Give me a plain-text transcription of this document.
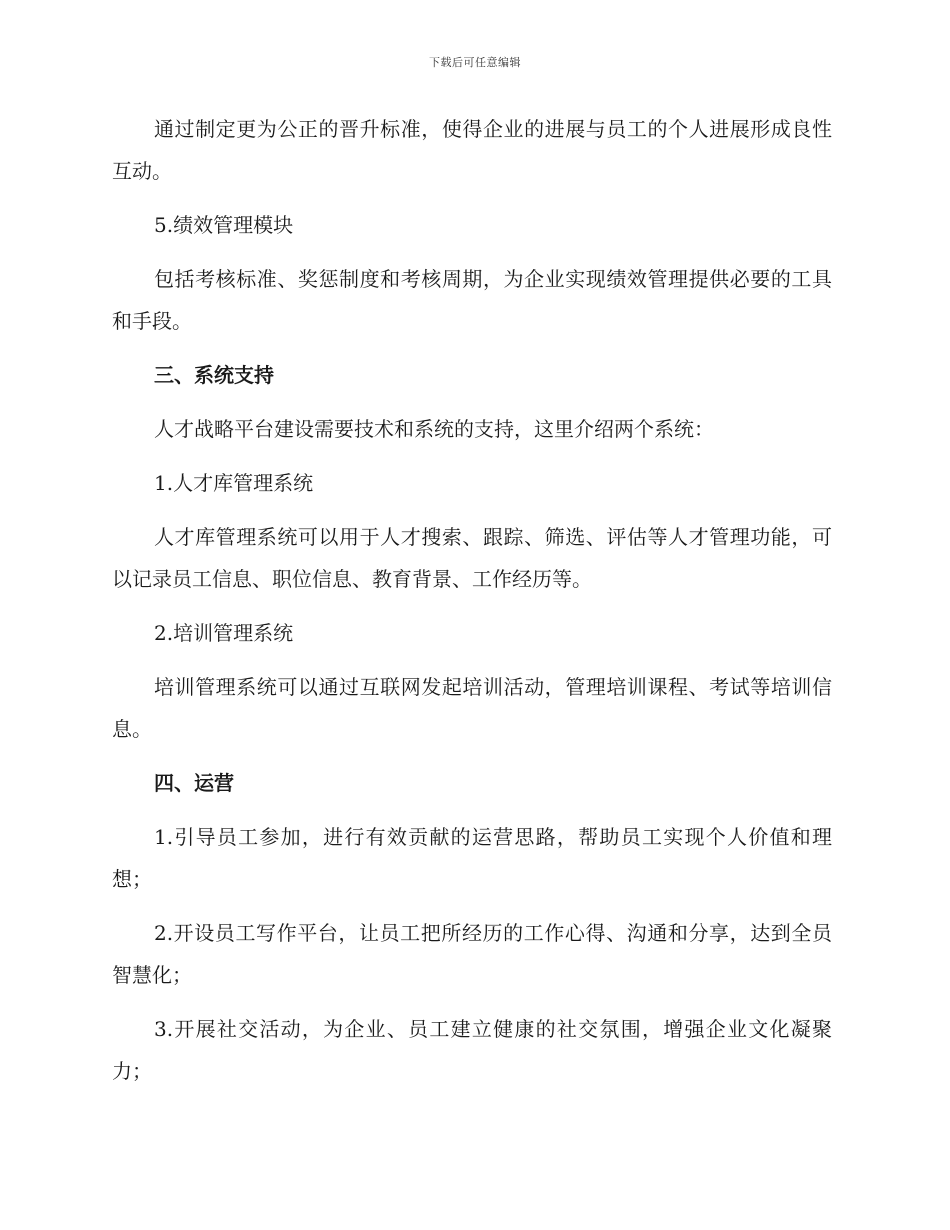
下载后可任意编辑

通过制定更为公正的晋升标准，使得企业的进展与员工的个人进展形成良性互动。

5.绩效管理模块

包括考核标准、奖惩制度和考核周期，为企业实现绩效管理提供必要的工具和手段。

三、系统支持

人才战略平台建设需要技术和系统的支持，这里介绍两个系统：

1.人才库管理系统

人才库管理系统可以用于人才搜索、跟踪、筛选、评估等人才管理功能，可以记录员工信息、职位信息、教育背景、工作经历等。

2.培训管理系统

培训管理系统可以通过互联网发起培训活动，管理培训课程、考试等培训信息。

四、运营

1.引导员工参加，进行有效贡献的运营思路，帮助员工实现个人价值和理想；

2.开设员工写作平台，让员工把所经历的工作心得、沟通和分享，达到全员智慧化；

3.开展社交活动，为企业、员工建立健康的社交氛围，增强企业文化凝聚力；
